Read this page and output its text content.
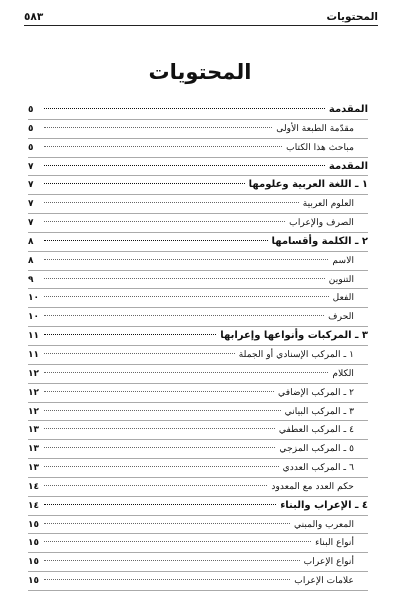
المحتويات
٥٨٣
المحتويات
المقدمة
٥
مقدّمة الطبعة الأولى
٥
مباحث هذا الكتاب
٥
المقدمة
٧
١ ـ اللغة العربية وعلومها
٧
العلوم العربية
٧
الصرف والإعراب
٧
٢ ـ الكلمة وأقسامها
٨
الاسم
٨
التنوين
٩
الفعل
١٠
الحرف
١٠
٣ ـ المركبات وأنواعها وإعرابها
١١
١ ـ المركب الإسنادي أو الجملة
١١
الكلام
١٢
٢ ـ المركب الإضافي
١٢
٣ ـ المركب البياني
١٢
٤ ـ المركب العطفي
١٣
٥ ـ المركب المزجي
١٣
٦ ـ المركب العددي
١٣
حكم العدد مع المعدود
١٤
٤ ـ الإعراب والبناء
١٤
المعرب والمبني
١٥
أنواع البناء
١٥
أنواع الإعراب
١٥
علامات الإعراب
١٥
